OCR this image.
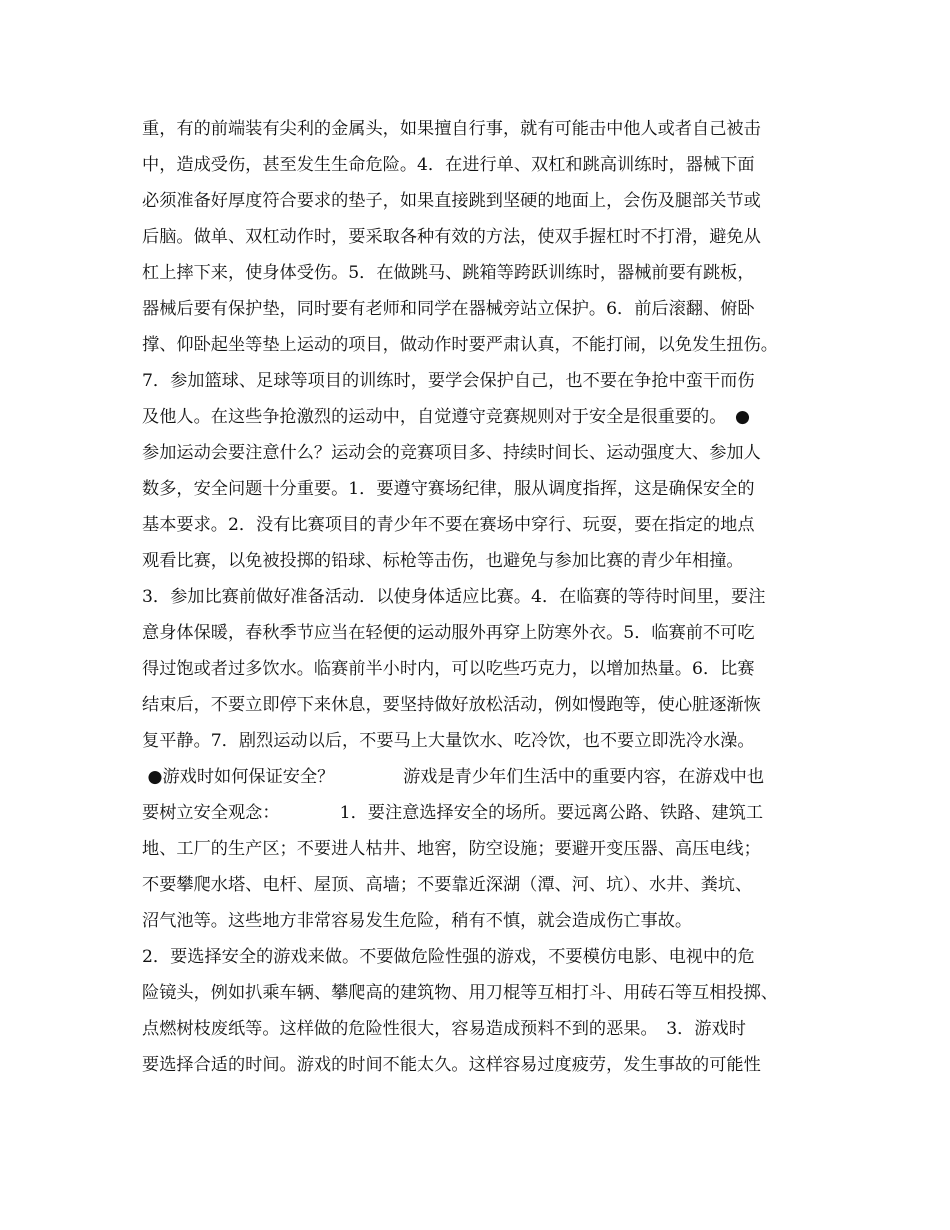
重，有的前端装有尖利的金属头，如果擅自行事，就有可能击中他人或者自己被击
中，造成受伤，甚至发生生命危险。4．在进行单、双杠和跳高训练时，器械下面
必须准备好厚度符合要求的垫子，如果直接跳到坚硬的地面上，会伤及腿部关节或
后脑。做单、双杠动作时，要采取各种有效的方法，使双手握杠时不打滑，避免从
杠上摔下来，使身体受伤。5．在做跳马、跳箱等跨跃训练时，器械前要有跳板，
器械后要有保护垫，同时要有老师和同学在器械旁站立保护。6．前后滚翻、俯卧
撑、仰卧起坐等垫上运动的项目，做动作时要严肃认真，不能打闹，以免发生扭伤。
7．参加篮球、足球等项目的训练时，要学会保护自己，也不要在争抢中蛮干而伤
及他人。在这些争抢激烈的运动中，自觉遵守竞赛规则对于安全是很重要的。　●
参加运动会要注意什么？运动会的竞赛项目多、持续时间长、运动强度大、参加人
数多，安全问题十分重要。1．要遵守赛场纪律，服从调度指挥，这是确保安全的
基本要求。2．没有比赛项目的青少年不要在赛场中穿行、玩耍，要在指定的地点
观看比赛，以免被投掷的铅球、标枪等击伤，也避免与参加比赛的青少年相撞。
3．参加比赛前做好准备活动．以使身体适应比赛。4．在临赛的等待时间里，要注
意身体保暖，春秋季节应当在轻便的运动服外再穿上防寒外衣。5．临赛前不可吃
得过饱或者过多饮水。临赛前半小时内，可以吃些巧克力，以增加热量。6．比赛
结束后，不要立即停下来休息，要坚持做好放松活动，例如慢跑等，使心脏逐渐恢
复平静。7．剧烈运动以后，不要马上大量饮水、吃冷饮，也不要立即洗冷水澡。
●游戏时如何保证安全？　　　　游戏是青少年们生活中的重要内容，在游戏中也
要树立安全观念：　　　　1．要注意选择安全的场所。要远离公路、铁路、建筑工
地、工厂的生产区；不要进人枯井、地窖，防空设施；要避开变压器、高压电线；
不要攀爬水塔、电杆、屋顶、高墙；不要靠近深湖（潭、河、坑）、水井、粪坑、
沼气池等。这些地方非常容易发生危险，稍有不慎，就会造成伤亡事故。
2．要选择安全的游戏来做。不要做危险性强的游戏，不要模仿电影、电视中的危
险镜头，例如扒乘车辆、攀爬高的建筑物、用刀棍等互相打斗、用砖石等互相投掷、
点燃树枝废纸等。这样做的危险性很大，容易造成预料不到的恶果。　3．游戏时
要选择合适的时间。游戏的时间不能太久。这样容易过度疲劳，发生事故的可能性
